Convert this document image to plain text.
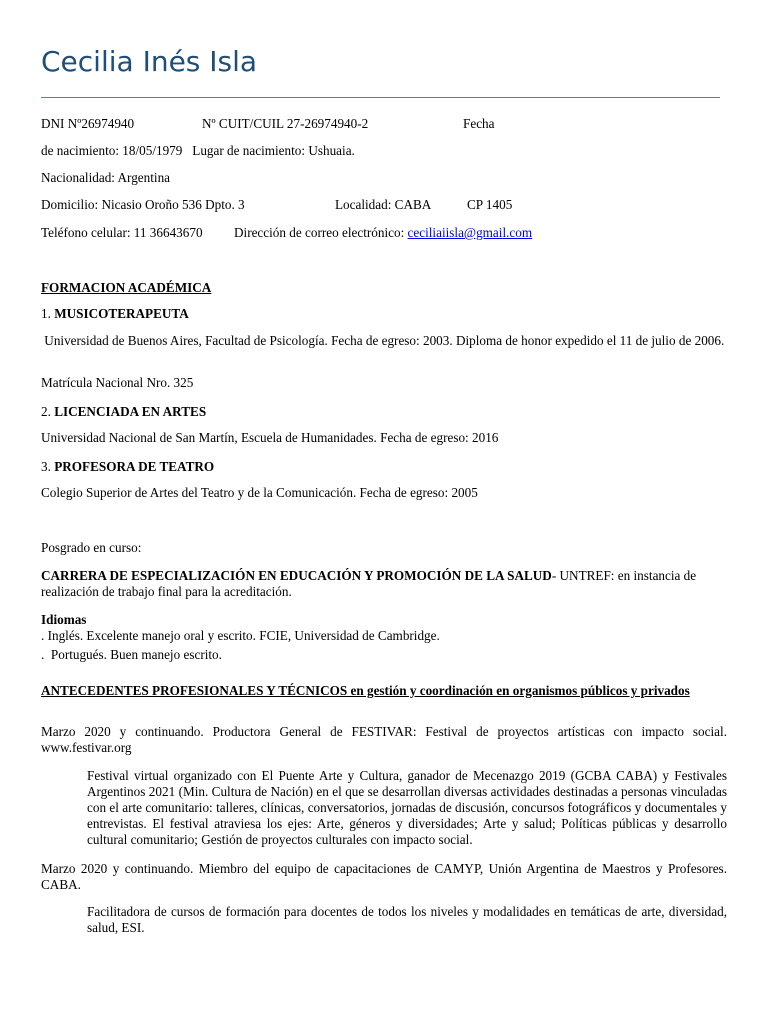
Cecilia Inés Isla
DNI Nº26974940	Nº CUIT/CUIL 27-26974940-2	Fecha
de nacimiento: 18/05/1979   Lugar de nacimiento: Ushuaia.
Nacionalidad: Argentina
Domicilio: Nicasio Oroño 536 Dpto. 3	Localidad: CABA	CP 1405
Teléfono celular: 11 36643670 Dirección de correo electrónico: ceciliaiisla@gmail.com
FORMACION ACADÉMICA
1. MUSICOTERAPEUTA
Universidad de Buenos Aires, Facultad de Psicología. Fecha de egreso: 2003. Diploma de honor expedido el 11 de julio de 2006.
Matrícula Nacional Nro. 325
2. LICENCIADA EN ARTES
Universidad Nacional de San Martín, Escuela de Humanidades. Fecha de egreso: 2016
3. PROFESORA DE TEATRO
Colegio Superior de Artes del Teatro y de la Comunicación. Fecha de egreso: 2005
Posgrado en curso:
CARRERA DE ESPECIALIZACIÓN EN EDUCACIÓN Y PROMOCIÓN DE LA SALUD- UNTREF: en instancia de realización de trabajo final para la acreditación.
Idiomas
. Inglés. Excelente manejo oral y escrito. FCIE, Universidad de Cambridge.
.  Portugués. Buen manejo escrito.
ANTECEDENTES PROFESIONALES Y TÉCNICOS en gestión y coordinación en organismos públicos y privados
Marzo 2020 y continuando. Productora General de FESTIVAR: Festival de proyectos artísticas con impacto social. www.festivar.org
Festival virtual organizado con El Puente Arte y Cultura, ganador de Mecenazgo 2019 (GCBA CABA) y Festivales Argentinos 2021 (Min. Cultura de Nación) en el que se desarrollan diversas actividades destinadas a personas vinculadas con el arte comunitario: talleres, clínicas, conversatorios, jornadas de discusión, concursos fotográficos y documentales y entrevistas. El festival atraviesa los ejes: Arte, géneros y diversidades; Arte y salud; Políticas públicas y desarrollo cultural comunitario; Gestión de proyectos culturales con impacto social.
Marzo 2020 y continuando. Miembro del equipo de capacitaciones de CAMYP, Unión Argentina de Maestros y Profesores. CABA.
Facilitadora de cursos de formación para docentes de todos los niveles y modalidades en temáticas de arte, diversidad, salud, ESI.
